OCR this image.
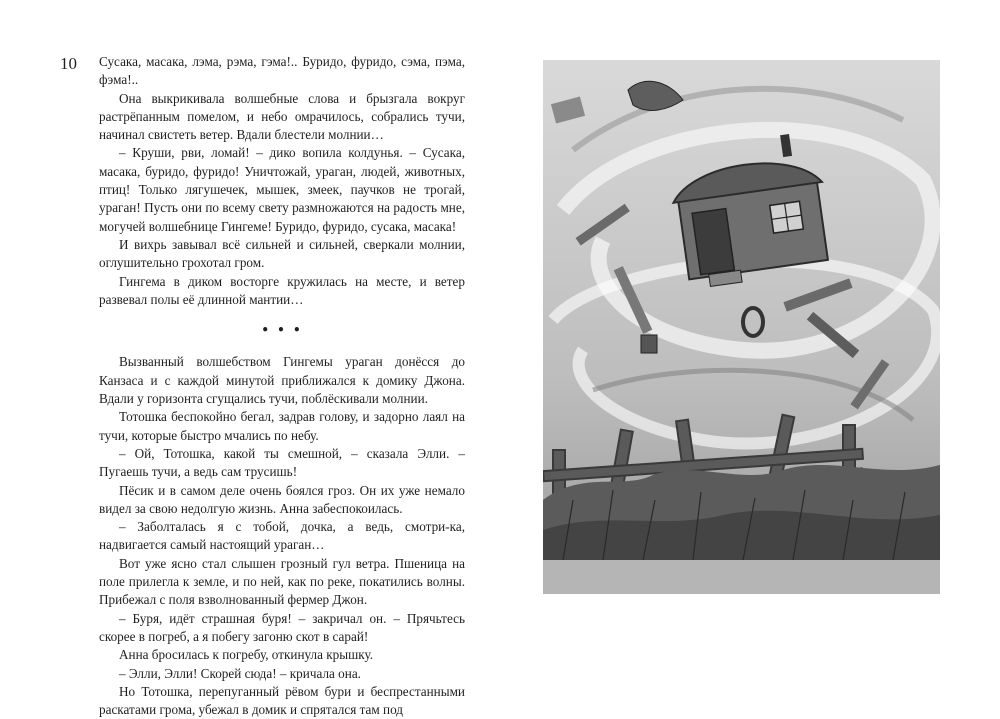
10 Сусака, масака, лэма, рэма, гэма!.. Буридо, фуридо, сэма, пэма, фэма!..

Она выкрикивала волшебные слова и брызгала вокруг растрёпанным помелом, и небо омрачилось, собрались тучи, начинал свистеть ветер. Вдали блестели молнии…

– Круши, рви, ломай! – дико вопила колдунья. – Сусака, масака, буридо, фуридо! Уничтожай, ураган, людей, животных, птиц! Только лягушечек, мышек, змеек, паучков не трогай, ураган! Пусть они по всему свету размножаются на радость мне, могучей волшебнице Гингеме! Буридо, фуридо, сусака, масака!

И вихрь завывал всё сильней и сильней, сверкали молнии, оглушительно грохотал гром.

Гингема в диком восторге кружилась на месте, и ветер развевал полы её длинной мантии…

• • •

Вызванный волшебством Гингемы ураган донёсся до Канзаса и с каждой минутой приближался к домику Джона. Вдали у горизонта сгущались тучи, поблёскивали молнии.

Тотошка беспокойно бегал, задрав голову, и задорно лаял на тучи, которые быстро мчались по небу.

– Ой, Тотошка, какой ты смешной, – сказала Элли. – Пугаешь тучи, а ведь сам трусишь!

Пёсик и в самом деле очень боялся гроз. Он их уже немало видел за свою недолгую жизнь. Анна забеспокоилась.

– Заболталась я с тобой, дочка, а ведь, смотри-ка, надвигается самый настоящий ураган…

Вот уже ясно стал слышен грозный гул ветра. Пшеница на поле прилегла к земле, и по ней, как по реке, покатились волны. Прибежал с поля взволнованный фермер Джон.

– Буря, идёт страшная буря! – закричал он. – Прячьтесь скорее в погреб, а я побегу загоню скот в сарай!

Анна бросилась к погребу, откинула крышку.

– Элли, Элли! Скорей сюда! – кричала она.

Но Тотошка, перепуганный рёвом бури и беспрестанными раскатами грома, убежал в домик и спрятался там под
